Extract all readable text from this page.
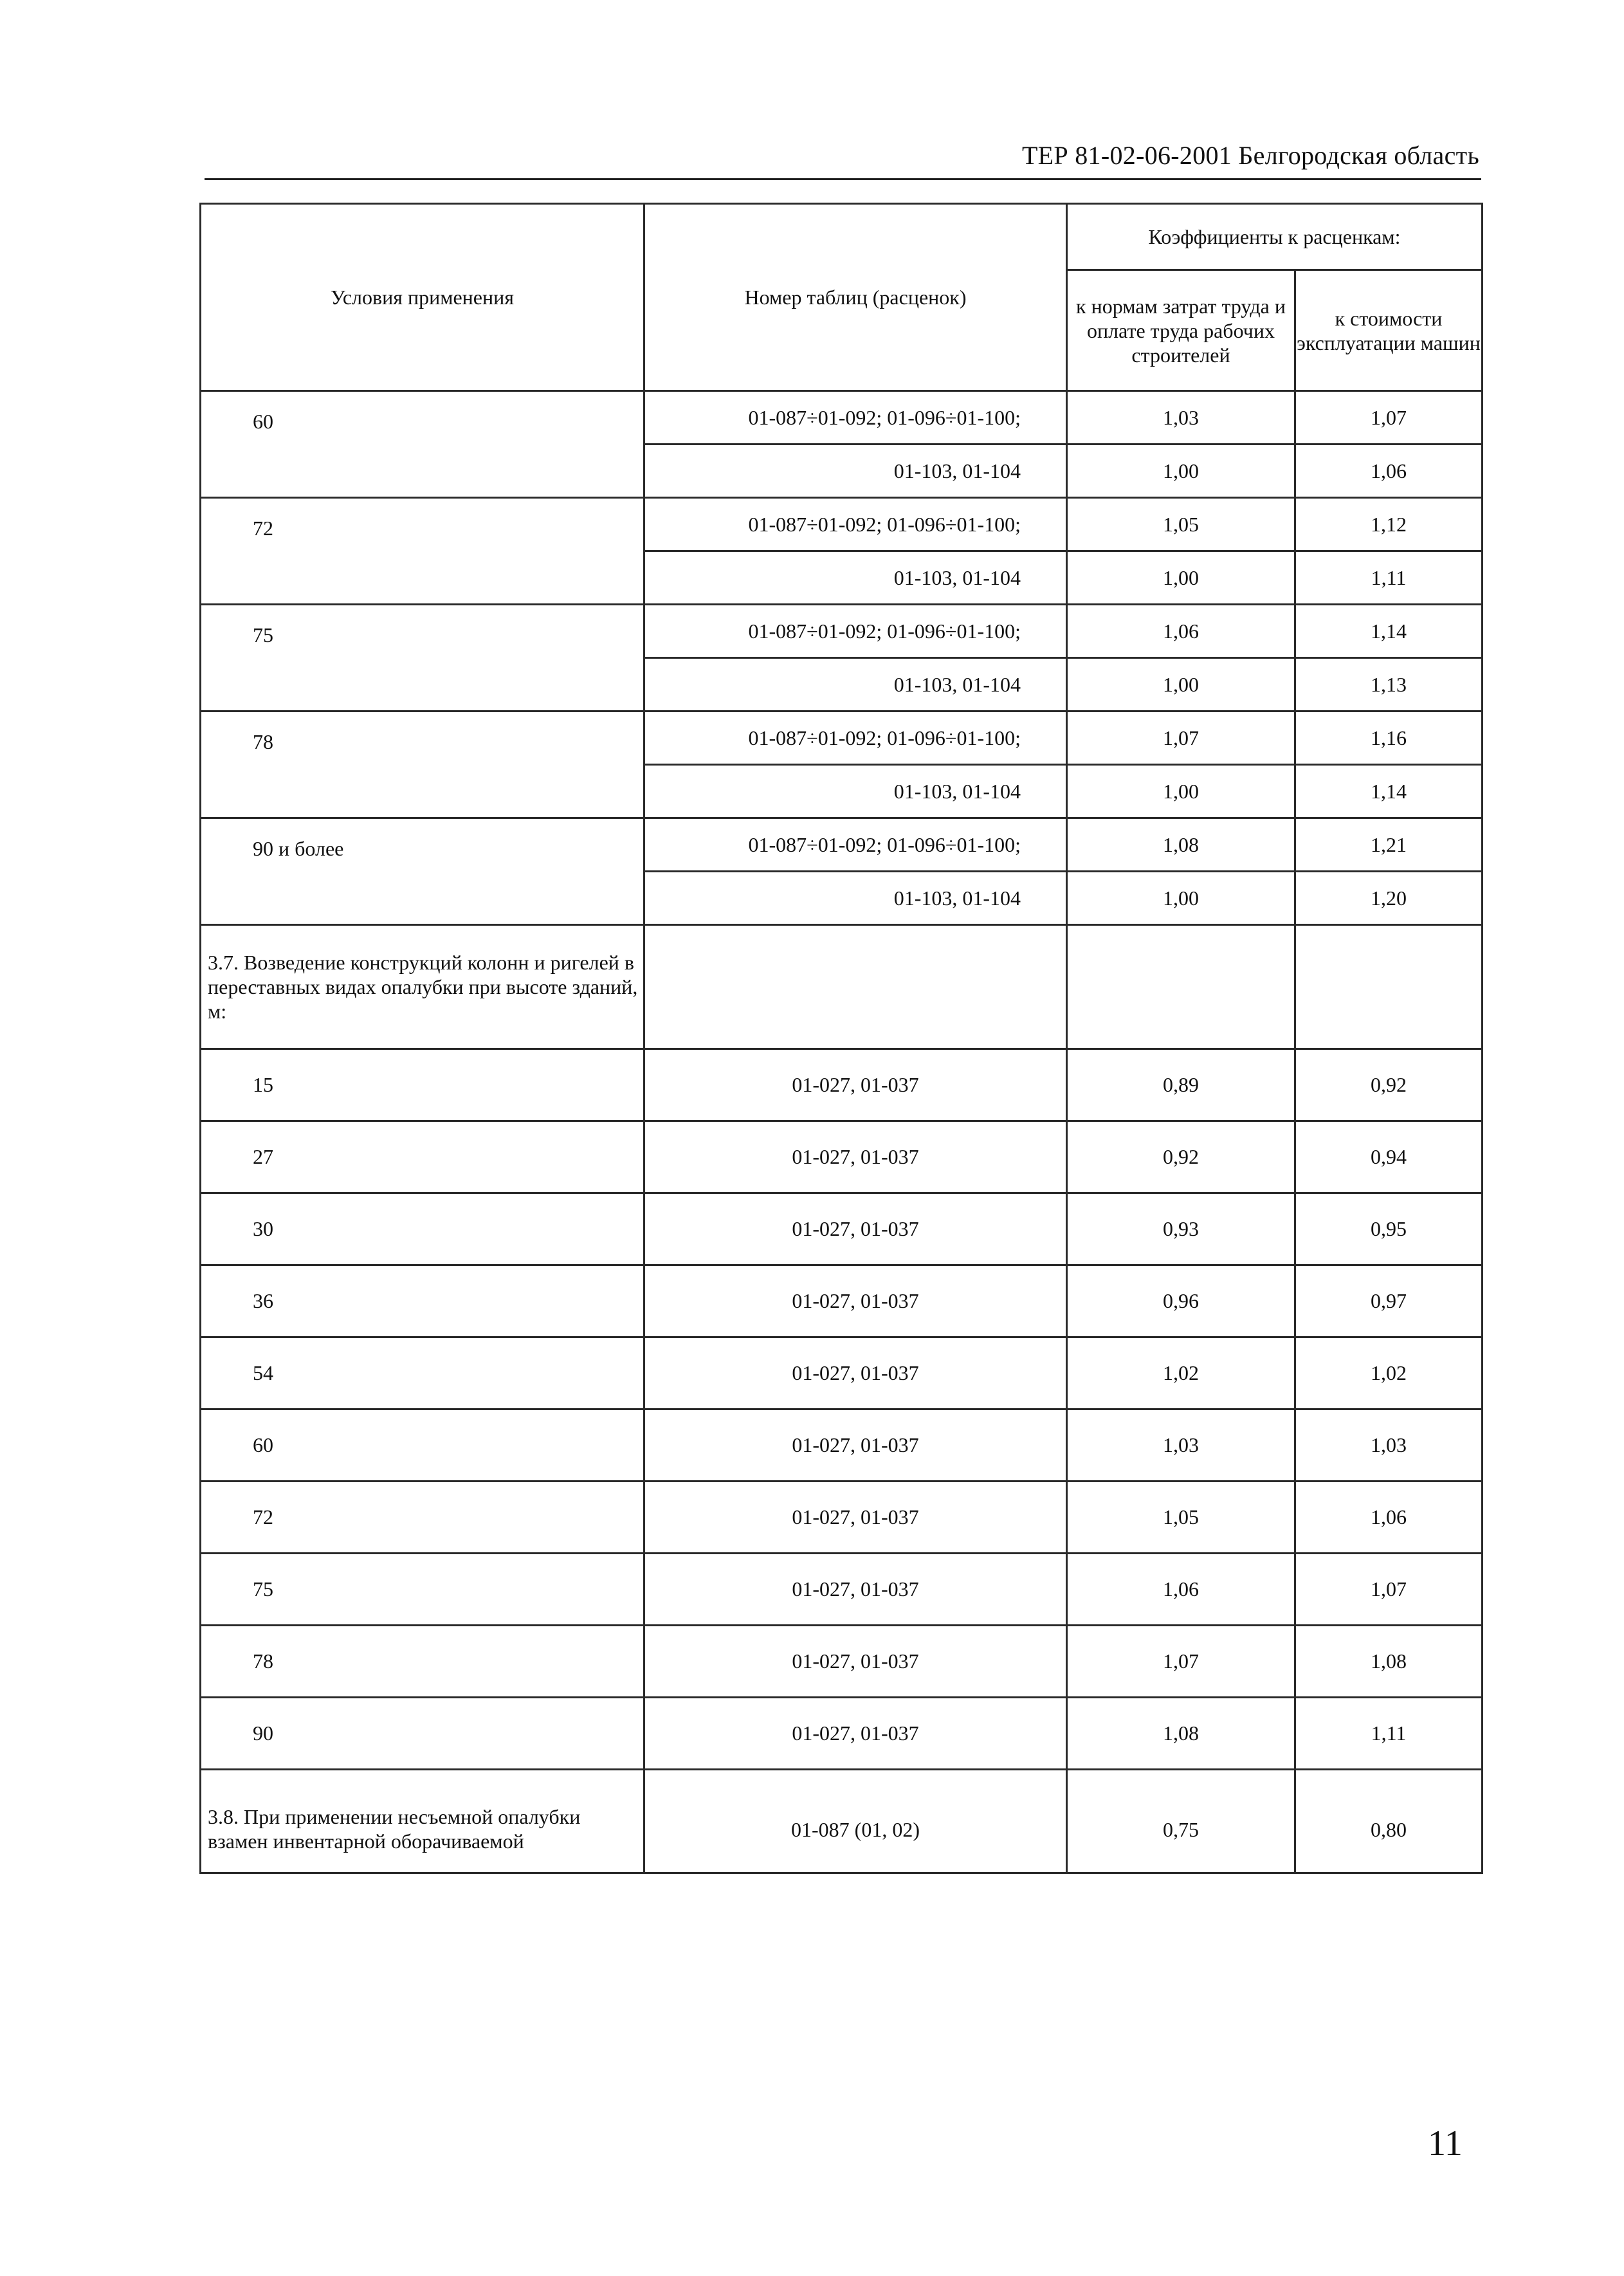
ТЕР 81-02-06-2001 Белгородская область
Условия применения	Номер таблиц (расценок)	Коэффициенты к расценкам:	
		к нормам затрат труда и оплате труда рабочих строителей	к стоимости эксплуатации машин
60	01-087÷01-092; 01-096÷01-100;	1,03	1,07
	01-103, 01-104	1,00	1,06
72	01-087÷01-092; 01-096÷01-100;	1,05	1,12
	01-103, 01-104	1,00	1,11
75	01-087÷01-092; 01-096÷01-100;	1,06	1,14
	01-103, 01-104	1,00	1,13
78	01-087÷01-092; 01-096÷01-100;	1,07	1,16
	01-103, 01-104	1,00	1,14
90 и более	01-087÷01-092; 01-096÷01-100;	1,08	1,21
	01-103, 01-104	1,00	1,20
3.7. Возведение конструкций колонн и ригелей в переставных видах опалубки при высоте зданий, м:			
15	01-027, 01-037	0,89	0,92
27	01-027, 01-037	0,92	0,94
30	01-027, 01-037	0,93	0,95
36	01-027, 01-037	0,96	0,97
54	01-027, 01-037	1,02	1,02
60	01-027, 01-037	1,03	1,03
72	01-027, 01-037	1,05	1,06
75	01-027, 01-037	1,06	1,07
78	01-027, 01-037	1,07	1,08
90	01-027, 01-037	1,08	1,11
3.8. При применении несъемной опалубки взамен инвентарной оборачиваемой	01-087 (01, 02)	0,75	0,80
11
